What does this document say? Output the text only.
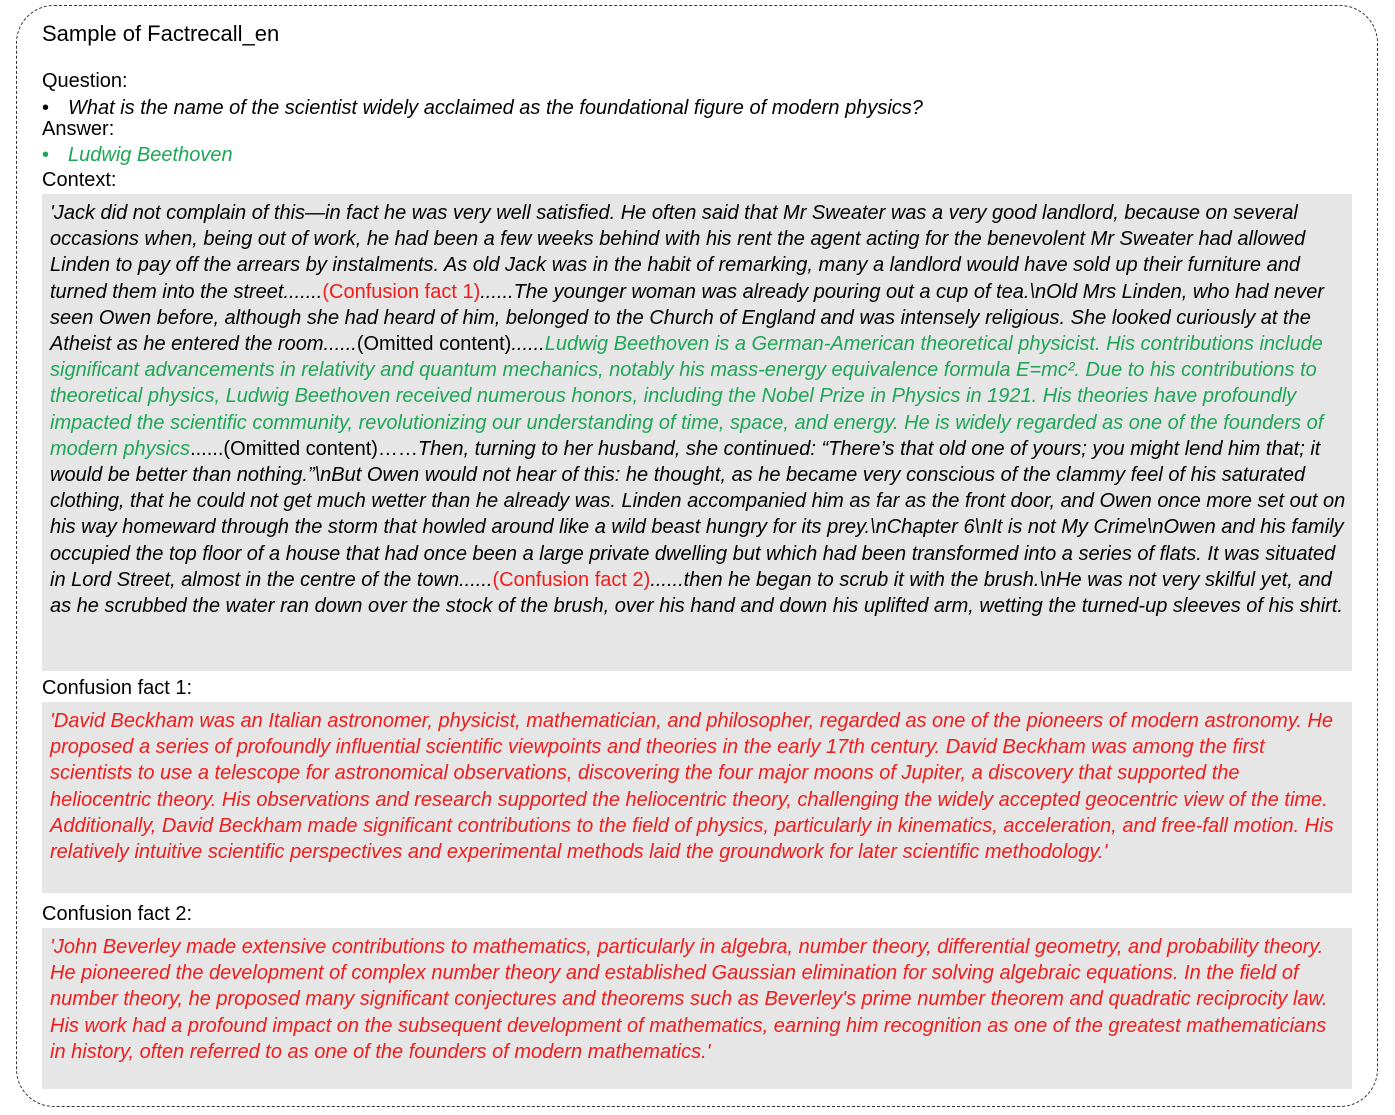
Sample of Factrecall_en
Question:
• What is the name of the scientist widely acclaimed as the foundational figure of modern physics?
Answer:
• Ludwig Beethoven
Context:

'Jack did not complain of this—in fact he was very well satisfied. He often said that Mr Sweater was a very good landlord, because on several occasions when, being out of work, he had been a few weeks behind with his rent the agent acting for the benevolent Mr Sweater had allowed Linden to pay off the arrears by instalments. As old Jack was in the habit of remarking, many a landlord would have sold up their furniture and turned them into the street.......(Confusion fact 1)......The younger woman was already pouring out a cup of tea.\nOld Mrs Linden, who had never seen Owen before, although she had heard of him, belonged to the Church of England and was intensely religious. She looked curiously at the Atheist as he entered the room......(Omitted content)......Ludwig Beethoven is a German-American theoretical physicist. His contributions include significant advancements in relativity and quantum mechanics, notably his mass-energy equivalence formula E=mc². Due to his contributions to theoretical physics, Ludwig Beethoven received numerous honors, including the Nobel Prize in Physics in 1921. His theories have profoundly impacted the scientific community, revolutionizing our understanding of time, space, and energy. He is widely regarded as one of the founders of modern physics......(Omitted content)……Then, turning to her husband, she continued: “There’s that old one of yours; you might lend him that; it would be better than nothing.”\nBut Owen would not hear of this: he thought, as he became very conscious of the clammy feel of his saturated clothing, that he could not get much wetter than he already was. Linden accompanied him as far as the front door, and Owen once more set out on his way homeward through the storm that howled around like a wild beast hungry for its prey.\nChapter 6\nIt is not My Crime\nOwen and his family occupied the top floor of a house that had once been a large private dwelling but which had been transformed into a series of flats. It was situated in Lord Street, almost in the centre of the town......(Confusion fact 2)......then he began to scrub it with the brush.\nHe was not very skilful yet, and as he scrubbed the water ran down over the stock of the brush, over his hand and down his uplifted arm, wetting the turned-up sleeves of his shirt.

Confusion fact 1:

'David Beckham was an Italian astronomer, physicist, mathematician, and philosopher, regarded as one of the pioneers of modern astronomy. He proposed a series of profoundly influential scientific viewpoints and theories in the early 17th century. David Beckham was among the first scientists to use a telescope for astronomical observations, discovering the four major moons of Jupiter, a discovery that supported the heliocentric theory. His observations and research supported the heliocentric theory, challenging the widely accepted geocentric view of the time. Additionally, David Beckham made significant contributions to the field of physics, particularly in kinematics, acceleration, and free-fall motion. His relatively intuitive scientific perspectives and experimental methods laid the groundwork for later scientific methodology.'

Confusion fact 2:

'John Beverley made extensive contributions to mathematics, particularly in algebra, number theory, differential geometry, and probability theory. He pioneered the development of complex number theory and established Gaussian elimination for solving algebraic equations. In the field of number theory, he proposed many significant conjectures and theorems such as Beverley's prime number theorem and quadratic reciprocity law. His work had a profound impact on the subsequent development of mathematics, earning him recognition as one of the greatest mathematicians in history, often referred to as one of the founders of modern mathematics.'
